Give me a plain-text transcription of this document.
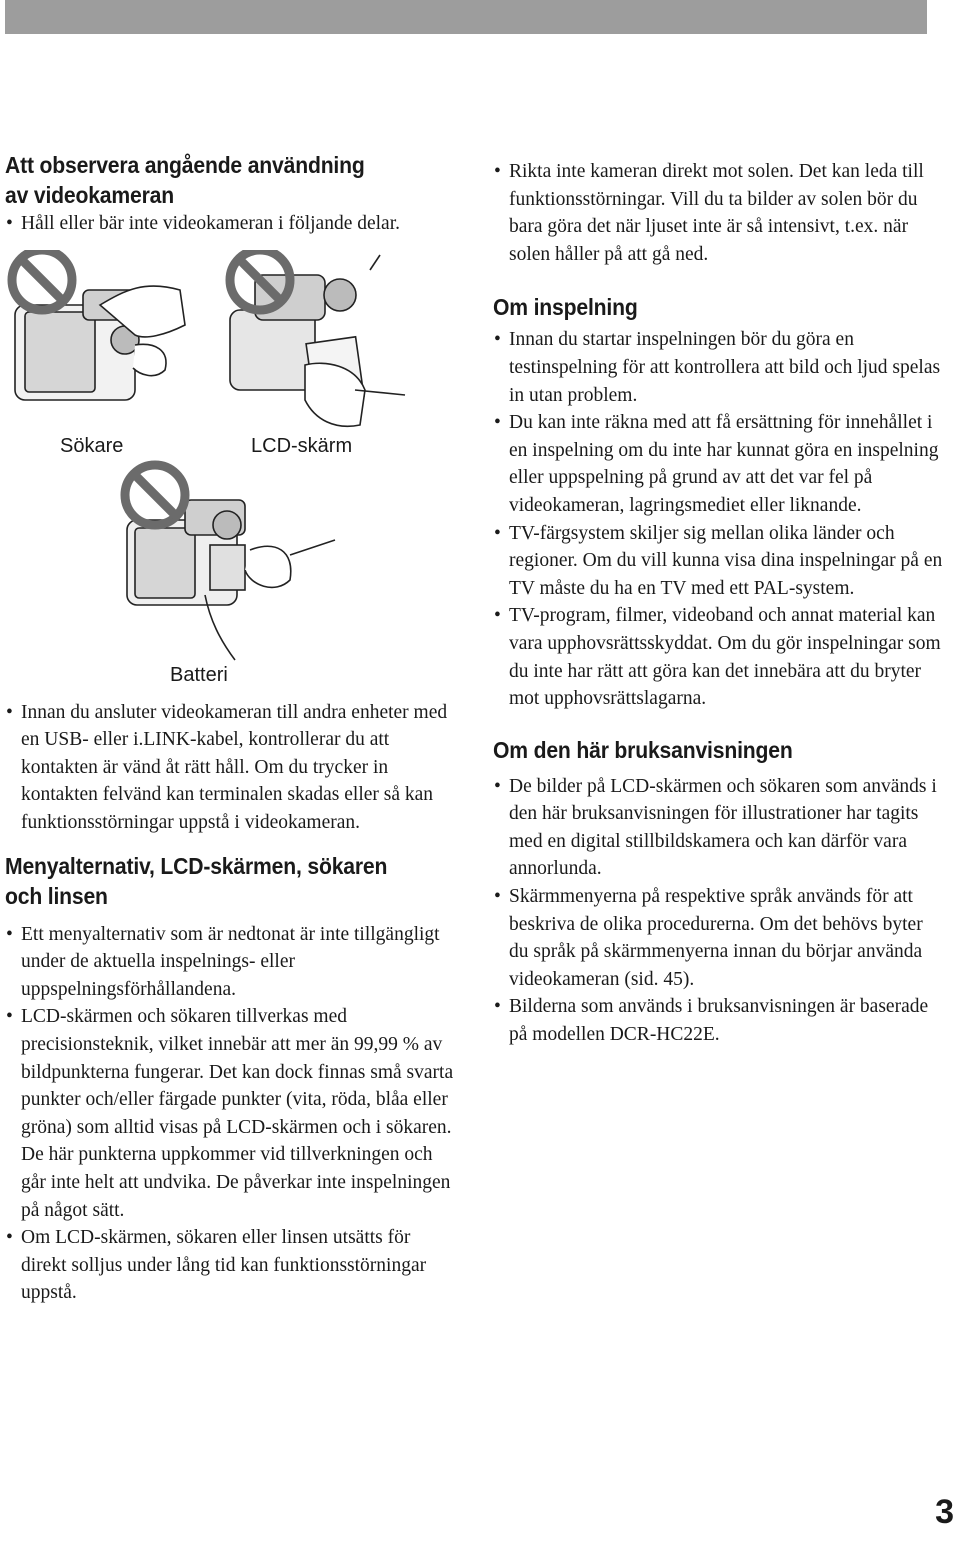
Att observera angående användning av videokameran
• Håll eller bär inte videokameran i följande delar.
Sökare	LCD-skärm
Batteri
• Innan du ansluter videokameran till andra enheter med en USB- eller i.LINK-kabel, kontrollerar du att kontakten är vänd åt rätt håll. Om du trycker in kontakten felvänd kan terminalen skadas eller så kan funktionsstörningar uppstå i videokameran.
Menyalternativ, LCD-skärmen, sökaren och linsen
• Ett menyalternativ som är nedtonat är inte tillgängligt under de aktuella inspelnings- eller uppspelningsförhållandena.
• LCD-skärmen och sökaren tillverkas med precisionsteknik, vilket innebär att mer än 99,99 % av bildpunkterna fungerar. Det kan dock finnas små svarta punkter och/eller färgade punkter (vita, röda, blåa eller gröna) som alltid visas på LCD-skärmen och i sökaren. De här punkterna uppkommer vid tillverkningen och går inte helt att undvika. De påverkar inte inspelningen på något sätt.
• Om LCD-skärmen, sökaren eller linsen utsätts för direkt solljus under lång tid kan funktionsstörningar uppstå.
• Rikta inte kameran direkt mot solen. Det kan leda till funktionsstörningar. Vill du ta bilder av solen bör du bara göra det när ljuset inte är så intensivt, t.ex. när solen håller på att gå ned.
Om inspelning
• Innan du startar inspelningen bör du göra en testinspelning för att kontrollera att bild och ljud spelas in utan problem.
• Du kan inte räkna med att få ersättning för innehållet i en inspelning om du inte har kunnat göra en inspelning eller uppspelning på grund av att det var fel på videokameran, lagringsmediet eller liknande.
• TV-färgsystem skiljer sig mellan olika länder och regioner. Om du vill kunna visa dina inspelningar på en TV måste du ha en TV med ett PAL-system.
• TV-program, filmer, videoband och annat material kan vara upphovsrättsskyddat. Om du gör inspelningar som du inte har rätt att göra kan det innebära att du bryter mot upphovsrättslagarna.
Om den här bruksanvisningen
• De bilder på LCD-skärmen och sökaren som används i den här bruksanvisningen för illustrationer har tagits med en digital stillbildskamera och kan därför vara annorlunda.
• Skärmmenyerna på respektive språk används för att beskriva de olika procedurerna. Om det behövs byter du språk på skärmmenyerna innan du börjar använda videokameran (sid. 45).
• Bilderna som används i bruksanvisningen är baserade på modellen DCR-HC22E.
3
